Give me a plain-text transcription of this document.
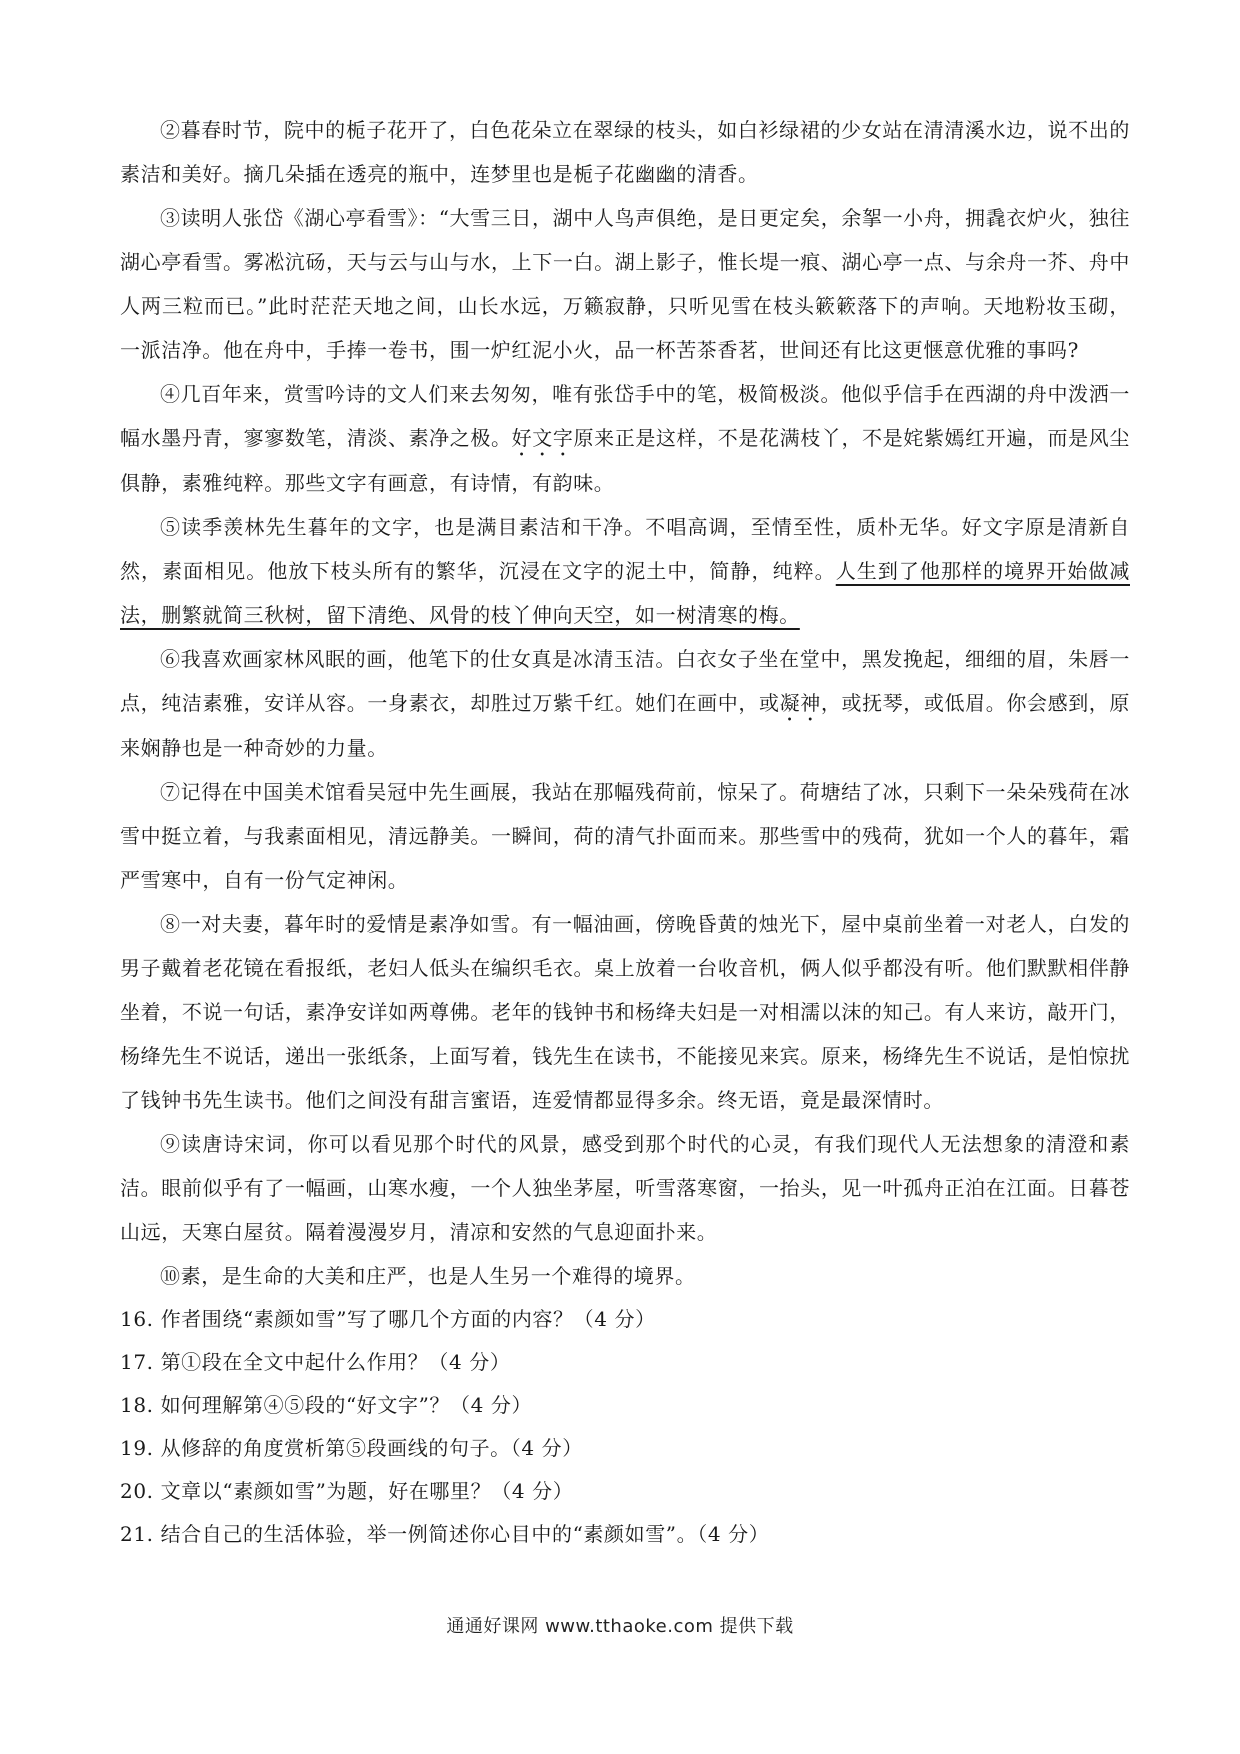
②暮春时节，院中的栀子花开了，白色花朵立在翠绿的枝头，如白衫绿裙的少女站在清清溪水边，说不出的素洁和美好。摘几朵插在透亮的瓶中，连梦里也是栀子花幽幽的清香。

③读明人张岱《湖心亭看雪》：“大雪三日，湖中人鸟声俱绝，是日更定矣，余挐一小舟，拥毳衣炉火，独往湖心亭看雪。雾凇沆砀，天与云与山与水，上下一白。湖上影子，惟长堤一痕、湖心亭一点、与余舟一芥、舟中人两三粒而已。”此时茫茫天地之间，山长水远，万籁寂静，只听见雪在枝头簌簌落下的声响。天地粉妆玉砌，一派洁净。他在舟中，手捧一卷书，围一炉红泥小火，品一杯苦茶香茗，世间还有比这更惬意优雅的事吗?

④几百年来，赏雪吟诗的文人们来去匆匆，唯有张岱手中的笔，极简极淡。他似乎信手在西湖的舟中泼洒一幅水墨丹青，寥寥数笔，清淡、素净之极。好文字原来正是这样，不是花满枝丫，不是姹紫嫣红开遍，而是风尘俱静，素雅纯粹。那些文字有画意，有诗情，有韵味。

⑤读季羡林先生暮年的文字，也是满目素洁和干净。不唱高调，至情至性，质朴无华。好文字原是清新自然，素面相见。他放下枝头所有的繁华，沉浸在文字的泥土中，简静，纯粹。人生到了他那样的境界开始做减法，删繁就简三秋树，留下清绝、风骨的枝丫伸向天空，如一树清寒的梅。

⑥我喜欢画家林风眠的画，他笔下的仕女真是冰清玉洁。白衣女子坐在堂中，黑发挽起，细细的眉，朱唇一点，纯洁素雅，安详从容。一身素衣，却胜过万紫千红。她们在画中，或凝神，或抚琴，或低眉。你会感到，原来娴静也是一种奇妙的力量。

⑦记得在中国美术馆看吴冠中先生画展，我站在那幅残荷前，惊呆了。荷塘结了冰，只剩下一朵朵残荷在冰雪中挺立着，与我素面相见，清远静美。一瞬间，荷的清气扑面而来。那些雪中的残荷，犹如一个人的暮年，霜严雪寒中，自有一份气定神闲。

⑧一对夫妻，暮年时的爱情是素净如雪。有一幅油画，傍晚昏黄的烛光下，屋中桌前坐着一对老人，白发的男子戴着老花镜在看报纸，老妇人低头在编织毛衣。桌上放着一台收音机，俩人似乎都没有听。他们默默相伴静坐着，不说一句话，素净安详如两尊佛。老年的钱钟书和杨绛夫妇是一对相濡以沫的知己。有人来访，敲开门，杨绛先生不说话，递出一张纸条，上面写着，钱先生在读书，不能接见来宾。原来，杨绛先生不说话，是怕惊扰了钱钟书先生读书。他们之间没有甜言蜜语，连爱情都显得多余。终无语，竟是最深情时。

⑨读唐诗宋词，你可以看见那个时代的风景，感受到那个时代的心灵，有我们现代人无法想象的清澄和素洁。眼前似乎有了一幅画，山寒水瘦，一个人独坐茅屋，听雪落寒窗，一抬头，见一叶孤舟正泊在江面。日暮苍山远，天寒白屋贫。隔着漫漫岁月，清凉和安然的气息迎面扑来。

⑩素，是生命的大美和庄严，也是人生另一个难得的境界。

16. 作者围绕“素颜如雪”写了哪几个方面的内容？（4 分）

17. 第①段在全文中起什么作用？（4 分）

18. 如何理解第④⑤段的“好文字”？（4 分）

19. 从修辞的角度赏析第⑤段画线的句子。（4 分）

20. 文章以“素颜如雪”为题，好在哪里？（4 分）

21. 结合自己的生活体验，举一例简述你心目中的“素颜如雪”。（4 分）

通通好课网 www.tthaoke.com 提供下载
